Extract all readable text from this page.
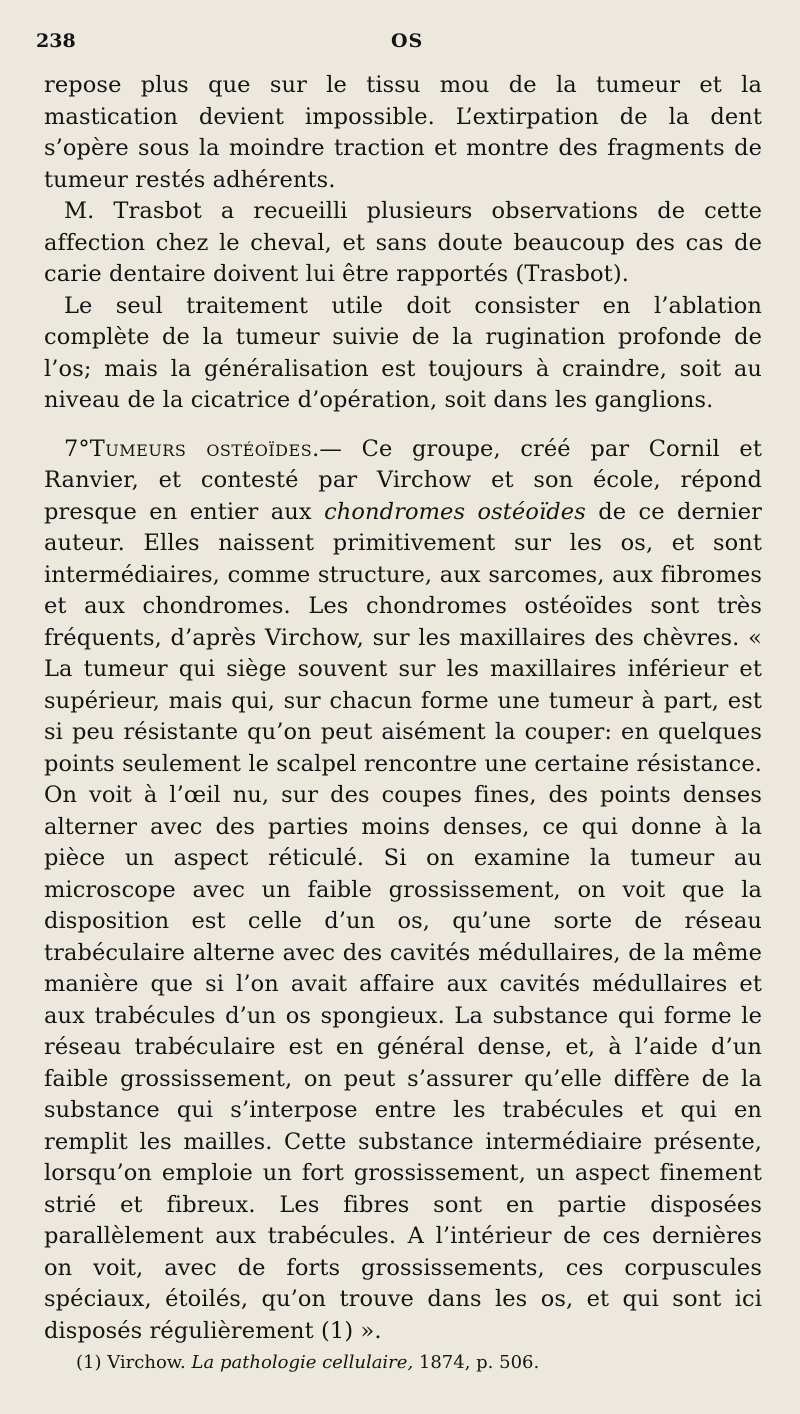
238	OS

repose plus que sur le tissu mou de la tumeur et la mastication devient impossible. L’extirpation de la dent s’opère sous la moindre traction et montre des fragments de tumeur restés adhérents.

M. Trasbot a recueilli plusieurs observations de cette affection chez le cheval, et sans doute beaucoup des cas de carie dentaire doivent lui être rapportés (Trasbot).

Le seul traitement utile doit consister en l’ablation complète de la tumeur suivie de la rugination profonde de l’os; mais la généralisation est toujours à craindre, soit au niveau de la cicatrice d’opération, soit dans les ganglions.

7°Tumeurs ostéoïdes.— Ce groupe, créé par Cornil et Ranvier, et contesté par Virchow et son école, répond presque en entier aux chondromes ostéoïdes de ce dernier auteur. Elles naissent primitivement sur les os, et sont intermédiaires, comme structure, aux sarcomes, aux fibromes et aux chondromes. Les chondromes ostéoïdes sont très fréquents, d’après Virchow, sur les maxillaires des chèvres. « La tumeur qui siège souvent sur les maxillaires inférieur et supérieur, mais qui, sur chacun forme une tumeur à part, est si peu résistante qu’on peut aisément la couper: en quelques points seulement le scalpel rencontre une certaine résistance. On voit à l’œil nu, sur des coupes fines, des points denses alterner avec des parties moins denses, ce qui donne à la pièce un aspect réticulé. Si on examine la tumeur au microscope avec un faible grossissement, on voit que la disposition est celle d’un os, qu’une sorte de réseau trabéculaire alterne avec des cavités médullaires, de la même manière que si l’on avait affaire aux cavités médullaires et aux trabécules d’un os spongieux. La substance qui forme le réseau trabéculaire est en général dense, et, à l’aide d’un faible grossissement, on peut s’assurer qu’elle diffère de la substance qui s’interpose entre les trabécules et qui en remplit les mailles. Cette substance intermédiaire présente, lorsqu’on emploie un fort grossissement, un aspect finement strié et fibreux. Les fibres sont en partie disposées parallèlement aux trabécules. A l’intérieur de ces dernières on voit, avec de forts grossissements, ces corpuscules spéciaux, étoilés, qu’on trouve dans les os, et qui sont ici disposés régulièrement (1) ».

(1) Virchow. La pathologie cellulaire, 1874, p. 506.
